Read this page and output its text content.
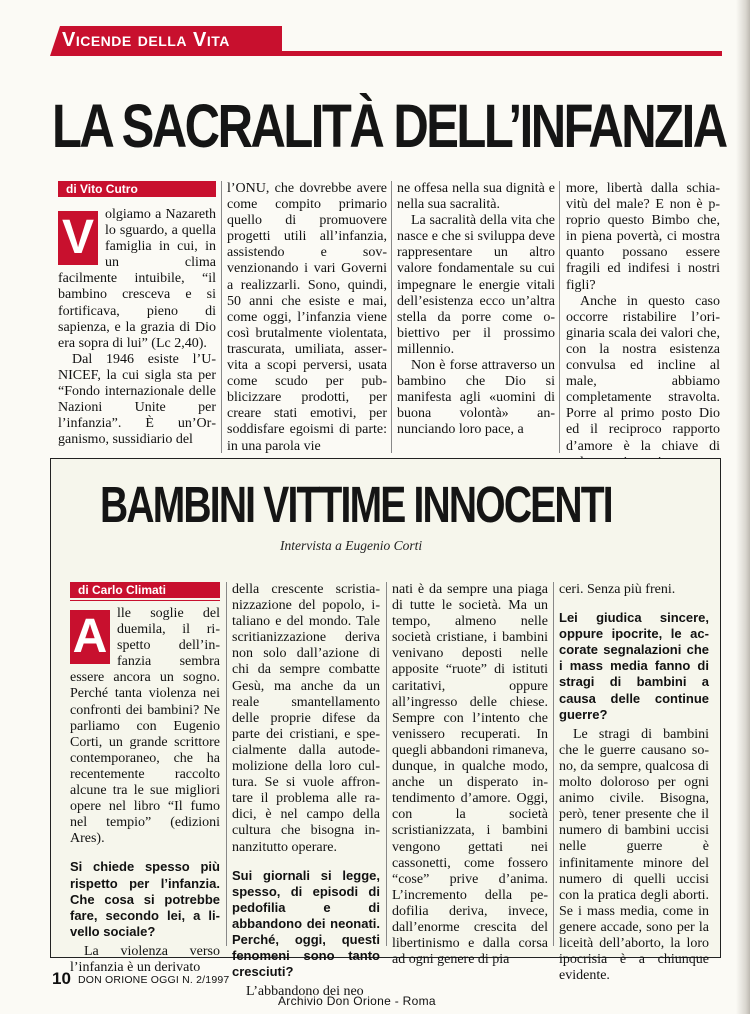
Vicende della Vita
LA SACRALITÀ DELL’INFANZIA
di Vito Cutro

V olgiamo a Nazareth lo sguardo, a quella famiglia in cui, in un clima facilmente intuibile, “il bambino cresceva e si fortificava, pieno di sapienza, e la grazia di Dio era sopra di lui” (Lc 2,40).

Dal 1946 esiste l’UNICEF, la cui sigla sta per “Fondo internazionale delle Nazioni Unite per l’infanzia”. È un’Organismo, sussidiario del

l’ONU, che dovrebbe avere come compito primario quello di promuovere progetti utili all’infanzia, assistendo e sovvenzionando i vari Governi a realizzarli. Sono, quindi, 50 anni che esiste e mai, come oggi, l’infanzia viene così brutalmente violentata, trascurata, umiliata, asservita a scopi perversi, usata come scudo per pubblicizzare prodotti, per creare stati emotivi, per soddisfare egoismi di parte: in una parola vie

ne offesa nella sua dignità e nella sua sacralità.

La sacralità della vita che nasce e che si sviluppa deve rappresentare un altro valore fondamentale su cui impegnare le energie vitali dell’esistenza ecco un’altra stella da porre come obiettivo per il prossimo millennio.

Non è forse attraverso un bambino che Dio si manifesta agli «uomini di buona volontà» annunciando loro pace, a

more, libertà dalla schiavitù del male? E non è proprio questo Bimbo che, in piena povertà, ci mostra quanto possano essere fragili ed indifesi i nostri figli?

Anche in questo caso occorre ristabilire l’originaria scala dei valori che, con la nostra esistenza convulsa ed incline al male, abbiamo completamente stravolta. Porre al primo posto Dio ed il reciproco rapporto d’amore è la chiave di

BAMBINI VITTIME INNOCENTI
Intervista a Eugenio Corti
di Carlo Climati

A lle soglie del duemila, il rispetto dell’infanzia sembra essere ancora un sogno. Perché tanta violenza nei confronti dei bambini? Ne parliamo con Eugenio Corti, un grande scrittore contemporaneo, che ha recentemente raccolto alcune tra le sue migliori opere nel libro “Il fumo nel tempio” (edizioni Ares).

Si chiede spesso più rispetto per l’infanzia. Che cosa si potrebbe fare, secondo lei, a livello sociale?

La violenza verso l’infanzia è un derivato

della crescente scristianizzazione del popolo, italiano e del mondo. Tale scritianizzazione deriva non solo dall’azione di chi da sempre combatte Gesù, ma anche da un reale smantellamento delle proprie difese da parte dei cristiani, e specialmente dalla autodemolizione della loro cultura. Se si vuole affrontare il problema alle radici, è nel campo della cultura che bisogna innanzitutto operare.

Sui giornali si legge, spesso, di episodi di pedofilia e di abbandono dei neonati. Perché, oggi, questi fenomeni sono tanto cresciuti?

L’abbandono dei neo

nati è da sempre una piaga di tutte le società. Ma un tempo, almeno nelle società cristiane, i bambini venivano deposti nelle apposite “ruote” di istituti caritativi, oppure all’ingresso delle chiese. Sempre con l’intento che venissero recuperati. In quegli abbandoni rimaneva, dunque, in qualche modo, anche un disperato intendimento d’amore. Oggi, con la società scristianizzata, i bambini vengono gettati nei cassonetti, come fossero “cose” prive d’anima. L’incremento della pedofilia deriva, invece, dall’enorme crescita del libertinismo e dalla corsa ad ogni genere di pia

ceri. Senza più freni.

Lei giudica sincere, oppure ipocrite, le accorate segnalazioni che i mass media fanno di stragi di bambini a causa delle continue guerre?

Le stragi di bambini che le guerre causano sono, da sempre, qualcosa di molto doloroso per ogni animo civile. Bisogna, però, tener presente che il numero di bambini uccisi nelle guerre è infinitamente minore del numero di quelli uccisi con la pratica degli aborti. Se i mass media, come in genere accade, sono per la liceità dell’aborto, la loro ipocrisia è a chiunque evidente.

10 DON ORIONE OGGI N. 2/1997
Archivio Don Orione - Roma
